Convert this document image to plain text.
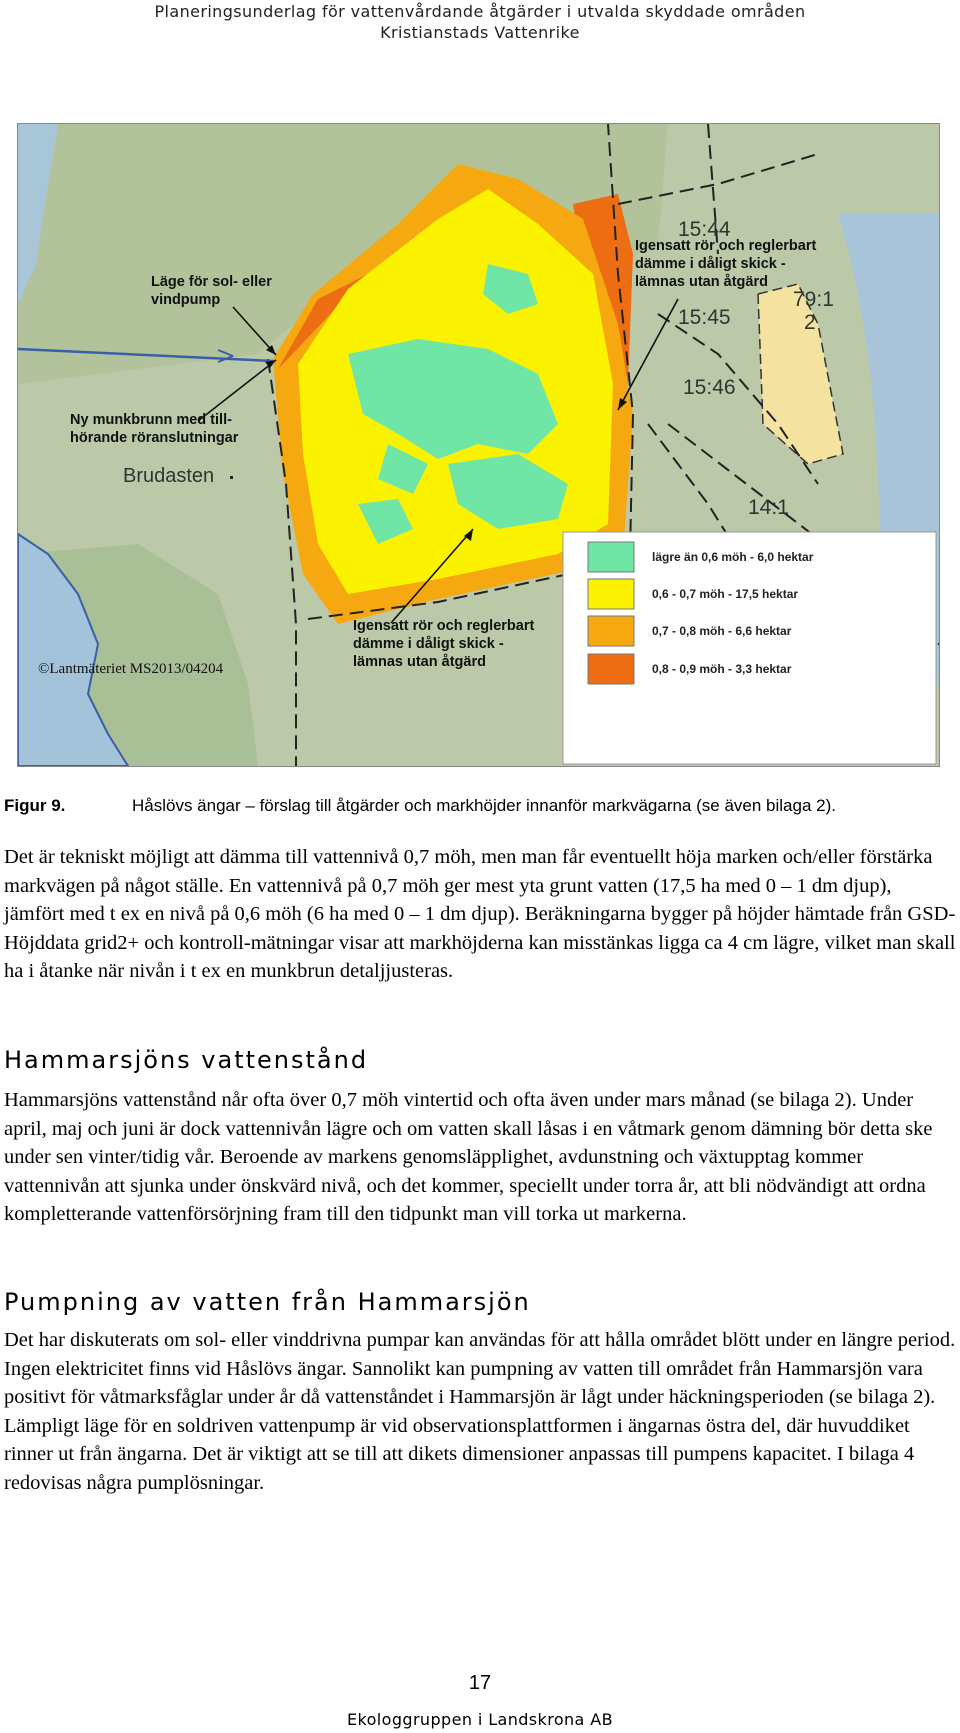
Planeringsunderlag för vattenvårdande åtgärder i utvalda skyddade områden
Kristianstads Vattenrike
Läge för sol- eller
vindpump
Ny munkbrunn med till-
hörande röranslutningar
Igensatt rör och reglerbart
dämme i dåligt skick -
lämnas utan åtgärd
Igensatt rör och reglerbart
dämme i dåligt skick -
lämnas utan åtgärd
Brudasten
15:44
15:45
79:1
2
15:46
14:1
©Lantmäteriet MS2013/04204
lägre än 0,6 möh - 6,0 hektar
0,6 - 0,7 möh - 17,5 hektar
0,7 - 0,8 möh - 6,6 hektar
0,8 - 0,9 möh - 3,3 hektar
Figur 9.	Håslövs ängar – förslag till åtgärder och markhöjder innanför markvägarna (se även bilaga 2).

Det är tekniskt möjligt att dämma till vattennivå 0,7 möh, men man får eventuellt höja marken och/eller förstärka markvägen på något ställe. En vattennivå på 0,7 möh ger mest yta grunt vatten (17,5 ha med 0 – 1 dm djup), jämfört med t ex en nivå på 0,6 möh (6 ha med 0 – 1 dm djup). Beräkningarna bygger på höjder hämtade från GSD-Höjddata grid2+ och kontroll-mätningar visar att markhöjderna kan misstänkas ligga ca 4 cm lägre, vilket man skall ha i åtanke när nivån i t ex en munkbrun detaljjusteras.

Hammarsjöns vattenstånd

Hammarsjöns vattenstånd når ofta över 0,7 möh vintertid och ofta även under mars månad (se bilaga 2). Under april, maj och juni är dock vattennivån lägre och om vatten skall låsas i en våtmark genom dämning bör detta ske under sen vinter/tidig vår. Beroende av markens genomsläpplighet, avdunstning och växtupptag kommer vattennivån att sjunka under önskvärd nivå, och det kommer, speciellt under torra år, att bli nödvändigt att ordna kompletterande vattenförsörjning fram till den tidpunkt man vill torka ut markerna.

Pumpning av vatten från Hammarsjön

Det har diskuterats om sol- eller vinddrivna pumpar kan användas för att hålla området blött under en längre period. Ingen elektricitet finns vid Håslövs ängar. Sannolikt kan pumpning av vatten till området från Hammarsjön vara positivt för våtmarksfåglar under år då vattenståndet i Hammarsjön är lågt under häckningsperioden (se bilaga 2). Lämpligt läge för en soldriven vattenpump är vid observationsplattformen i ängarnas östra del, där huvuddiket rinner ut från ängarna. Det är viktigt att se till att dikets dimensioner anpassas till pumpens kapacitet. I bilaga 4 redovisas några pumplösningar.

17
Ekologgruppen i Landskrona AB
